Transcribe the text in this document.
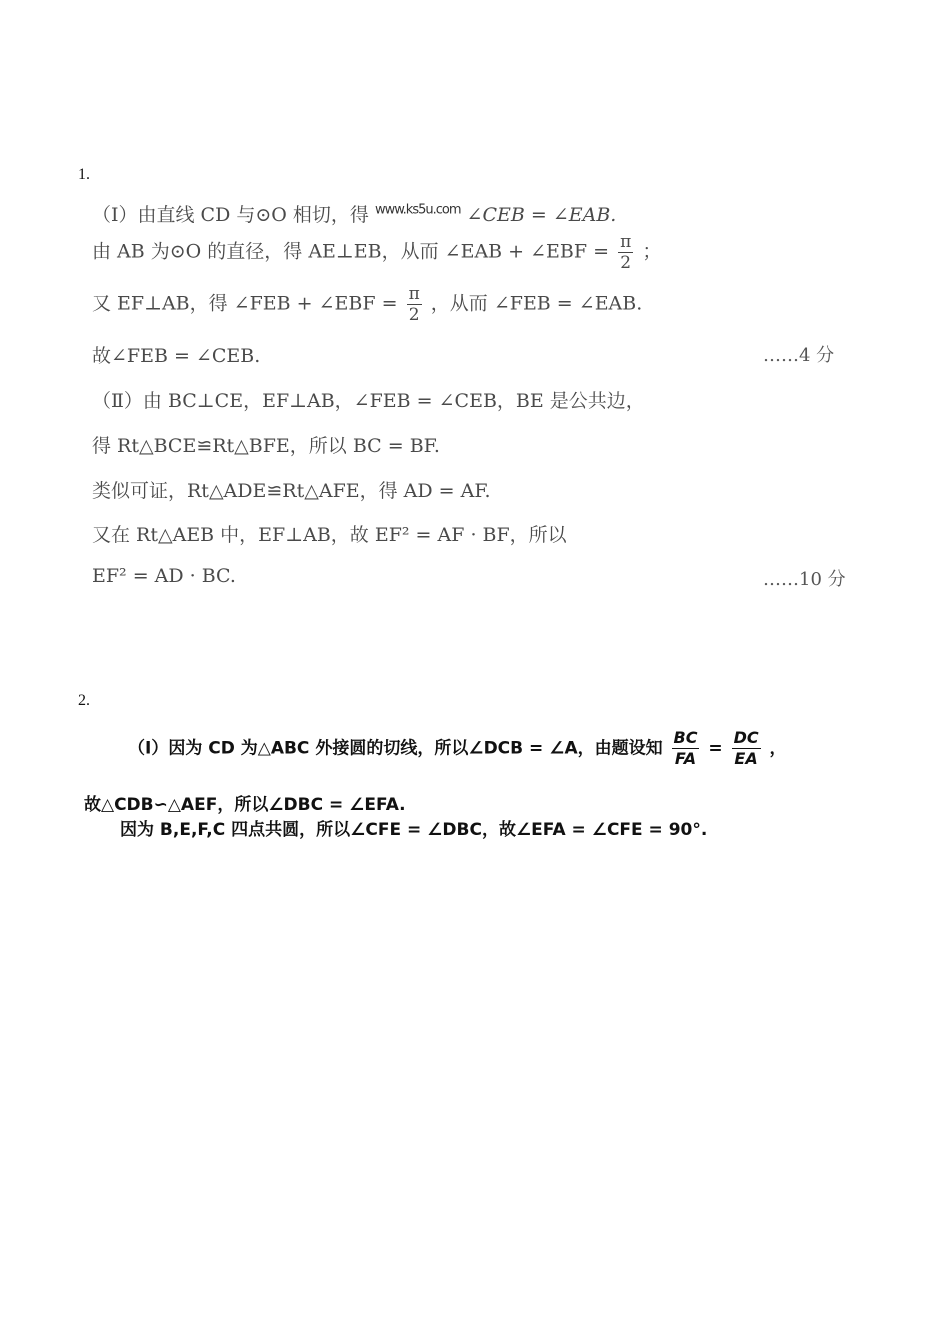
1.
（Ⅰ）由直线 CD 与⊙O 相切，得 $^{www.ks5u.com}$ ∠CEB = ∠EAB.
由 AB 为⊙O 的直径，得 AE⊥EB，从而 ∠EAB + ∠EBF = $\frac{\pi}{2}$ ；
又 EF⊥AB，得 ∠FEB + ∠EBF = $\frac{\pi}{2}$ ，从而 ∠FEB = ∠EAB.
故∠FEB = ∠CEB.	……4 分
（Ⅱ）由 BC⊥CE，EF⊥AB，∠FEB = ∠CEB，BE 是公共边，
得 Rt△BCE≌Rt△BFE，所以 BC = BF.
类似可证，Rt△ADE≌Rt△AFE，得 AD = AF.
又在 Rt△AEB 中，EF⊥AB，故 EF² = AF · BF，所以
EF² = AD · BC.	……10 分
2.
（Ⅰ）因为 CD 为△ABC 外接圆的切线，所以∠DCB = ∠A，由题设知 $\frac{BC}{FA} = \frac{DC}{EA}$ ，
故△CDB∽△AEF，所以∠DBC = ∠EFA.
因为 B,E,F,C 四点共圆，所以∠CFE = ∠DBC，故∠EFA = ∠CFE = 90°.
